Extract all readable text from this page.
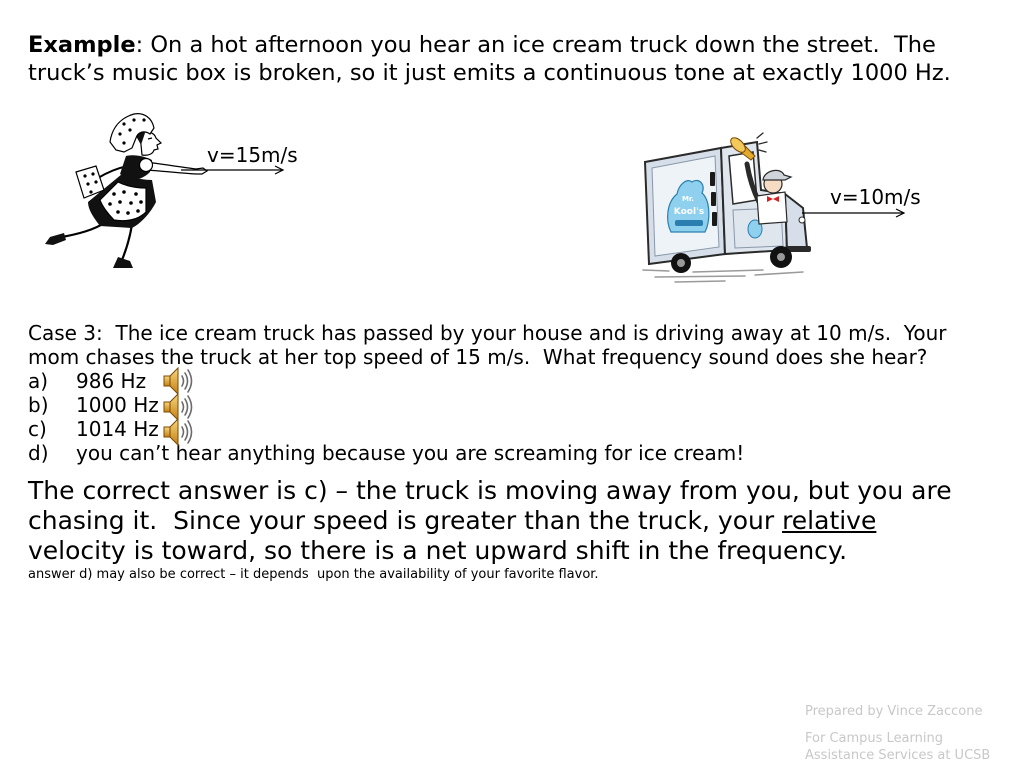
Example: On a hot afternoon you hear an ice cream truck down the street.  The
truck’s music box is broken, so it just emits a continuous tone at exactly 1000 Hz.
v=15m/s
Mr.
Kool's
v=10m/s
Case 3:  The ice cream truck has passed by your house and is driving away at 10 m/s.  Your
mom chases the truck at her top speed of 15 m/s.  What frequency sound does she hear?
a) 986 Hz
b) 1000 Hz
c) 1014 Hz
d) you can’t hear anything because you are screaming for ice cream!
The correct answer is c) – the truck is moving away from you, but you are
chasing it.  Since your speed is greater than the truck, your relative
velocity is toward, so there is a net upward shift in the frequency.
answer d) may also be correct – it depends  upon the availability of your favorite flavor.
Prepared by Vince Zaccone
For Campus Learning
Assistance Services at UCSB
